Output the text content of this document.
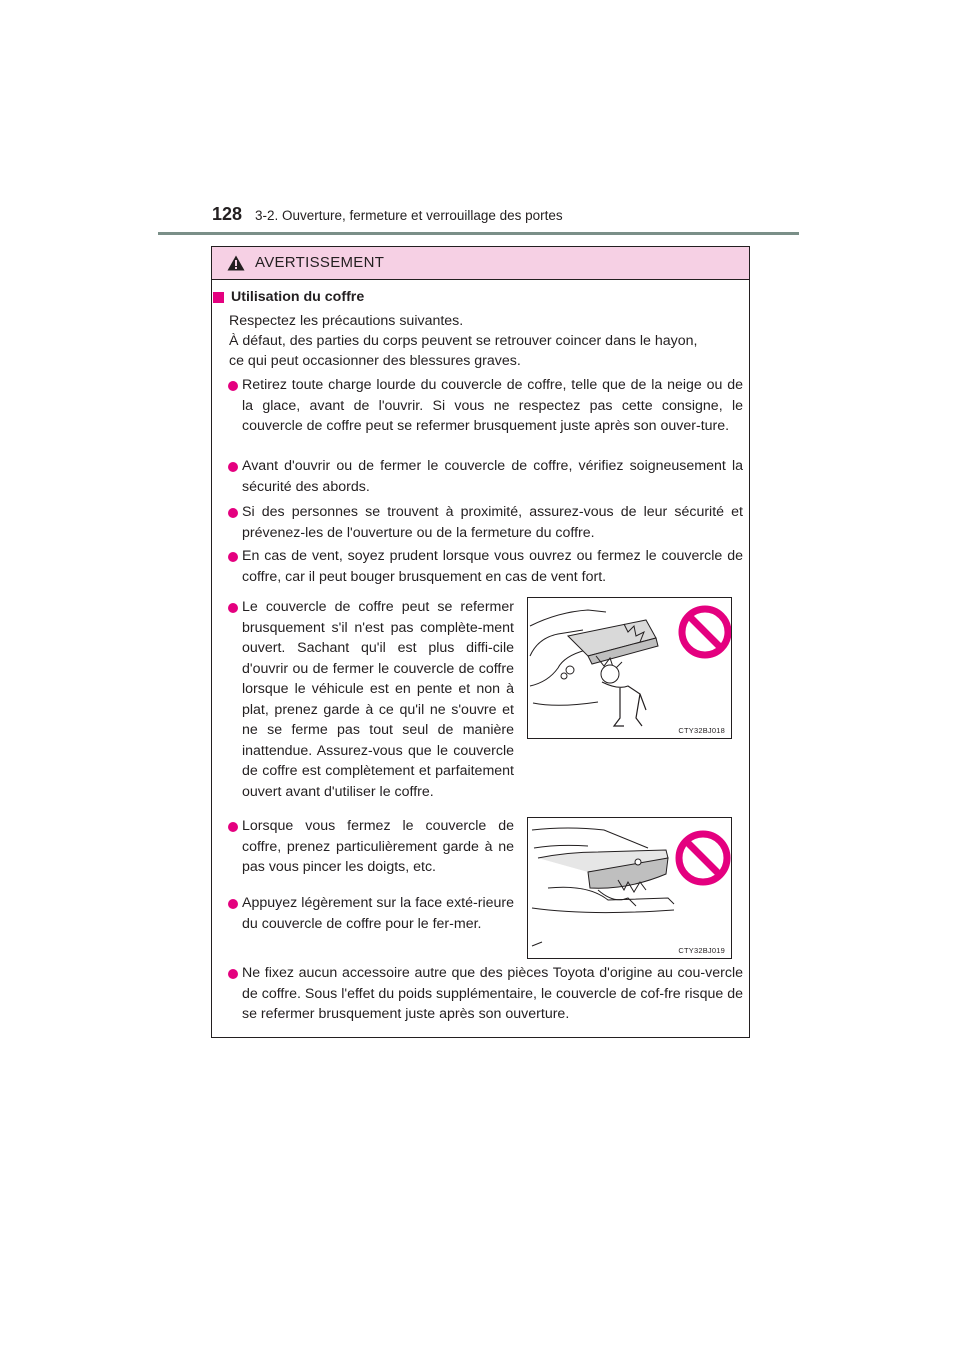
128 3-2. Ouverture, fermeture et verrouillage des portes
AVERTISSEMENT
Utilisation du coffre
Respectez les précautions suivantes.
À défaut, des parties du corps peuvent se retrouver coincer dans le hayon,
ce qui peut occasionner des blessures graves.
Retirez toute charge lourde du couvercle de coffre, telle que de la neige ou de la glace, avant de l'ouvrir. Si vous ne respectez pas cette consigne, le couvercle de coffre peut se refermer brusquement juste après son ouver-ture.
Avant d'ouvrir ou de fermer le couvercle de coffre, vérifiez soigneusement la sécurité des abords.
Si des personnes se trouvent à proximité, assurez-vous de leur sécurité et prévenez-les de l'ouverture ou de la fermeture du coffre.
En cas de vent, soyez prudent lorsque vous ouvrez ou fermez le couvercle de coffre, car il peut bouger brusquement en cas de vent fort.
Le couvercle de coffre peut se refermer brusquement s'il n'est pas complète-ment ouvert. Sachant qu'il est plus diffi-cile d'ouvrir ou de fermer le couvercle de coffre lorsque le véhicule est en pente et non à plat, prenez garde à ce qu'il ne s'ouvre et ne se ferme pas tout seul de manière inattendue. Assurez-vous que le couvercle de coffre est complètement et parfaitement ouvert avant d'utiliser le coffre.
CTY32BJ018
Lorsque vous fermez le couvercle de coffre, prenez particulièrement garde à ne pas vous pincer les doigts, etc.
Appuyez légèrement sur la face exté-rieure du couvercle de coffre pour le fer-mer.
CTY32BJ019
Ne fixez aucun accessoire autre que des pièces Toyota d'origine au cou-vercle de coffre. Sous l'effet du poids supplémentaire, le couvercle de cof-fre risque de se refermer brusquement juste après son ouverture.
